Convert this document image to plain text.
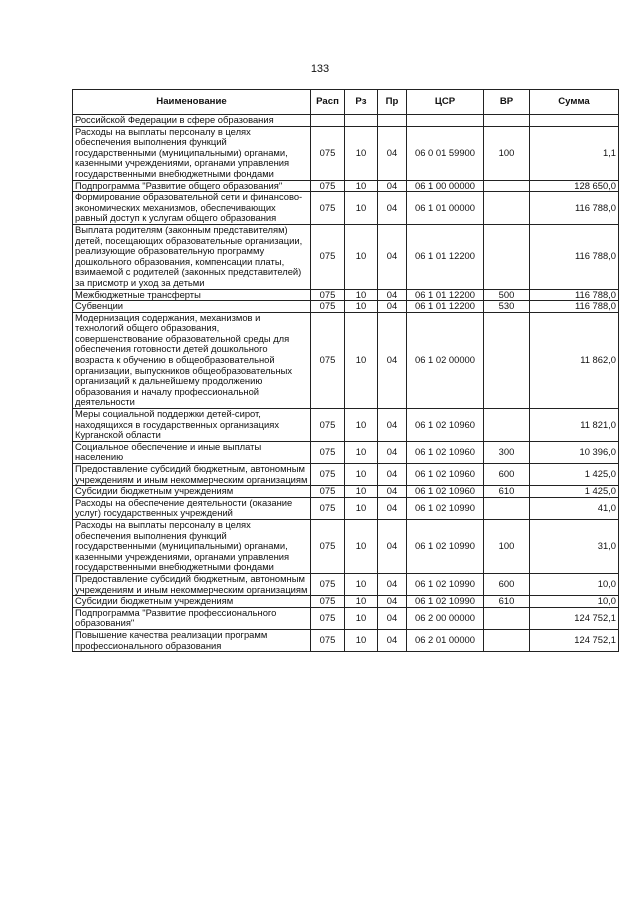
133
Наименование	Расп	Рз	Пр	ЦСР	ВР	Сумма
Российской Федерации в сфере образования						
Расходы на выплаты персоналу в целях обеспечения выполнения функций государственными (муниципальными) органами, казенными учреждениями, органами управления государственными внебюджетными фондами	075	10	04	06 0 01 59900	100	1,1
Подпрограмма "Развитие общего образования"	075	10	04	06 1 00 00000		128 650,0
Формирование образовательной сети и финансово-экономических механизмов, обеспечивающих равный доступ к услугам общего образования	075	10	04	06 1 01 00000		116 788,0
Выплата родителям (законным представителям) детей, посещающих образовательные организации, реализующие образовательную программу дошкольного образования, компенсации платы, взимаемой с родителей (законных представителей) за присмотр и уход за детьми	075	10	04	06 1 01 12200		116 788,0
Межбюджетные трансферты	075	10	04	06 1 01 12200	500	116 788,0
Субвенции	075	10	04	06 1 01 12200	530	116 788,0
Модернизация содержания, механизмов и технологий общего образования, совершенствование образовательной среды для обеспечения готовности детей дошкольного возраста к обучению в общеобразовательной организации, выпускников общеобразовательных организаций к дальнейшему продолжению образования и началу профессиональной деятельности	075	10	04	06 1 02 00000		11 862,0
Меры социальной поддержки детей-сирот, находящихся в государственных организациях Курганской области	075	10	04	06 1 02 10960		11 821,0
Социальное обеспечение и иные выплаты населению	075	10	04	06 1 02 10960	300	10 396,0
Предоставление субсидий бюджетным, автономным учреждениям и иным некоммерческим организациям	075	10	04	06 1 02 10960	600	1 425,0
Субсидии бюджетным учреждениям	075	10	04	06 1 02 10960	610	1 425,0
Расходы на обеспечение деятельности (оказание услуг) государственных учреждений	075	10	04	06 1 02 10990		41,0
Расходы на выплаты персоналу в целях обеспечения выполнения функций государственными (муниципальными) органами, казенными учреждениями, органами управления государственными внебюджетными фондами	075	10	04	06 1 02 10990	100	31,0
Предоставление субсидий бюджетным, автономным учреждениям и иным некоммерческим организациям	075	10	04	06 1 02 10990	600	10,0
Субсидии бюджетным учреждениям	075	10	04	06 1 02 10990	610	10,0
Подпрограмма "Развитие профессионального образования"	075	10	04	06 2 00 00000		124 752,1
Повышение качества реализации программ профессионального образования	075	10	04	06 2 01 00000		124 752,1
